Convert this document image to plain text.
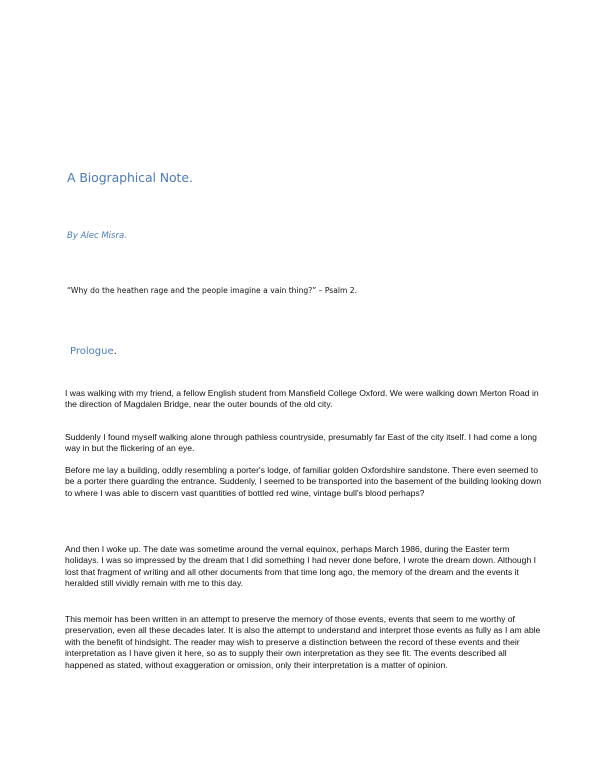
A Biographical Note.
By Alec Misra.
“Why do the heathen rage and the people imagine a vain thing?” – Psalm 2.
Prologue.

I was walking with my friend, a fellow English student from Mansfield College Oxford. We were walking down Merton Road in the direction of Magdalen Bridge, near the outer bounds of the old city.

Suddenly I found myself walking alone through pathless countryside, presumably far East of the city itself. I had come a long way in but the flickering of an eye.

Before me lay a building, oddly resembling a porter's lodge, of familiar golden Oxfordshire sandstone. There even seemed to be a porter there guarding the entrance. Suddenly, I seemed to be transported into the basement of the building looking down to where I was able to discern vast quantities of bottled red wine, vintage bull's blood perhaps?

And then I woke up. The date was sometime around the vernal equinox, perhaps March 1986, during the Easter term holidays. I was so impressed by the dream that I did something I had never done before, I wrote the dream down. Although I lost that fragment of writing and all other documents from that time long ago, the memory of the dream and the events it heralded still vividly remain with me to this day.

This memoir has been written in an attempt to preserve the memory of those events, events that seem to me worthy of preservation, even all these decades later. It is also the attempt to understand and interpret those events as fully as I am able with the benefit of hindsight. The reader may wish to preserve a distinction between the record of these events and their interpretation as I have given it here, so as to supply their own interpretation as they see fit. The events described all happened as stated, without exaggeration or omission, only their interpretation is a matter of opinion.
